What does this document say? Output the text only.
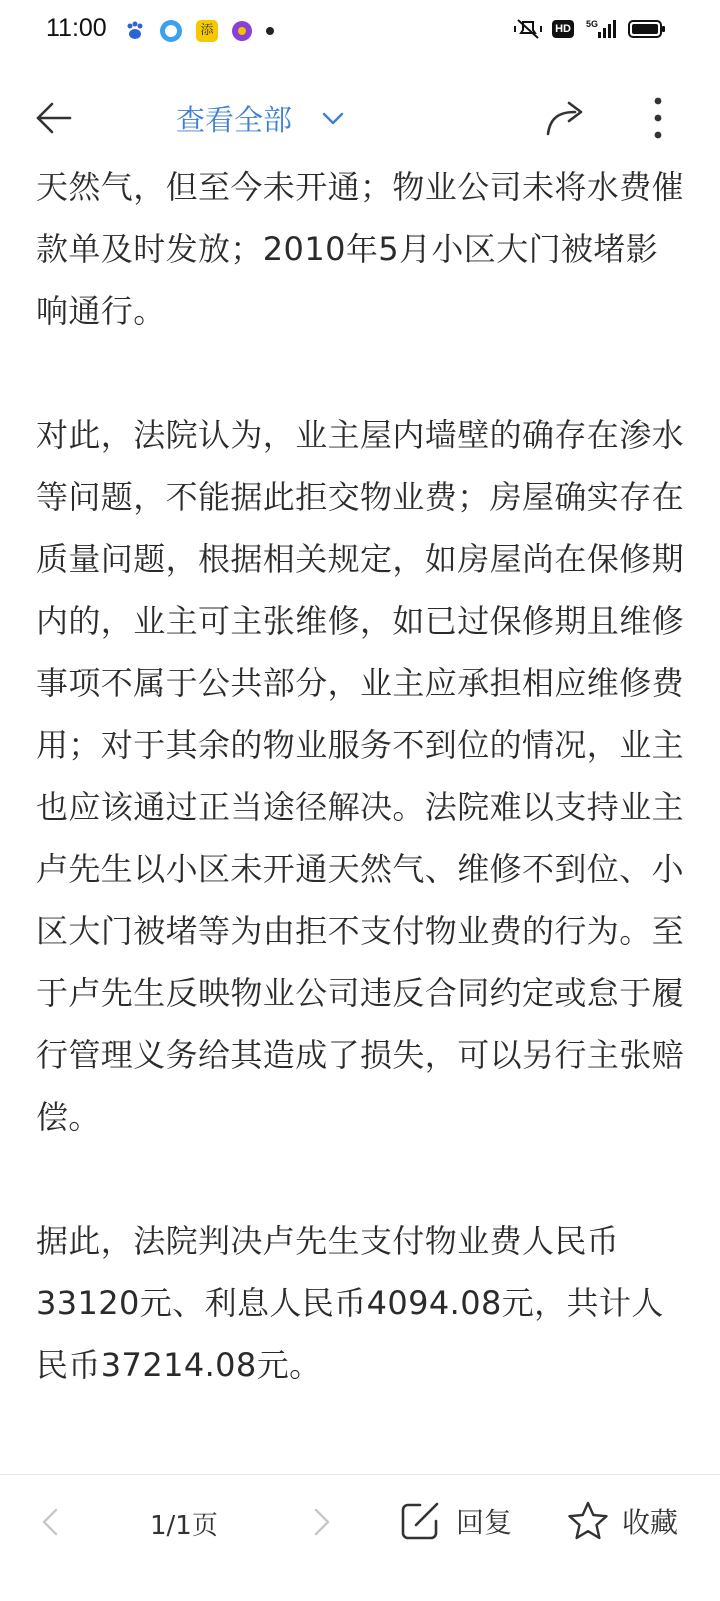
11:00	添	HD	5G
查看全部

天然气，但至今未开通；物业公司未将水费催款单及时发放；2010年5月小区大门被堵影响通行。

对此，法院认为，业主屋内墙壁的确存在渗水等问题，不能据此拒交物业费；房屋确实存在质量问题，根据相关规定，如房屋尚在保修期内的，业主可主张维修，如已过保修期且维修事项不属于公共部分，业主应承担相应维修费用；对于其余的物业服务不到位的情况，业主也应该通过正当途径解决。法院难以支持业主卢先生以小区未开通天然气、维修不到位、小区大门被堵等为由拒不支付物业费的行为。至于卢先生反映物业公司违反合同约定或怠于履行管理义务给其造成了损失，可以另行主张赔偿。

据此，法院判决卢先生支付物业费人民币33120元、利息人民币4094.08元，共计人民币37214.08元。

1/1页	回复	收藏
